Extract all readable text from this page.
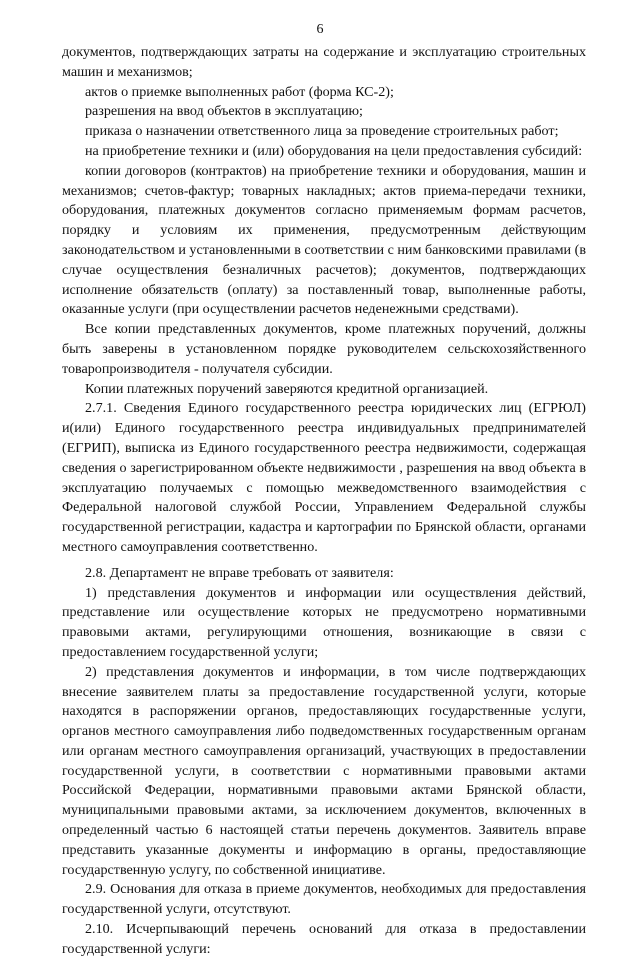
6

документов, подтверждающих затраты на содержание и эксплуатацию строительных машин и механизмов;

актов о приемке выполненных работ (форма КС-2);

разрешения на ввод объектов в эксплуатацию;

приказа о назначении ответственного лица за проведение строительных работ;

на приобретение техники и (или) оборудования на цели предоставления субсидий:

копии договоров (контрактов) на приобретение техники и оборудования, машин и механизмов; счетов-фактур; товарных накладных; актов приема-передачи техники, оборудования, платежных документов согласно применяемым формам расчетов, порядку и условиям их применения, предусмотренным действующим законодательством и установленными в соответствии с ним банковскими правилами (в случае осуществления безналичных расчетов); документов, подтверждающих исполнение обязательств (оплату) за поставленный товар, выполненные работы, оказанные услуги (при осуществлении расчетов неденежными средствами).

Все копии представленных документов, кроме платежных поручений, должны быть заверены в установленном порядке руководителем сельскохозяйственного товаропроизводителя - получателя субсидии.

Копии платежных поручений заверяются кредитной организацией.

2.7.1. Сведения Единого государственного реестра юридических лиц (ЕГРЮЛ) и(или) Единого государственного реестра индивидуальных предпринимателей (ЕГРИП), выписка из Единого государственного реестра недвижимости, содержащая сведения о зарегистрированном объекте недвижимости , разрешения на ввод объекта в эксплуатацию получаемых с помощью межведомственного взаимодействия с Федеральной налоговой службой России, Управлением Федеральной службы государственной регистрации, кадастра и картографии по Брянской области, органами местного самоуправления соответственно.

2.8. Департамент не вправе требовать от заявителя:

1) представления документов и информации или осуществления действий, представление или осуществление которых не предусмотрено нормативными правовыми актами, регулирующими отношения, возникающие в связи с предоставлением государственной услуги;

2) представления документов и информации, в том числе подтверждающих внесение заявителем платы за предоставление государственной услуги, которые находятся в распоряжении органов, предоставляющих государственные услуги, органов местного самоуправления либо подведомственных государственным органам или органам местного самоуправления организаций, участвующих в предоставлении государственной услуги, в соответствии с нормативными правовыми актами Российской Федерации, нормативными правовыми актами Брянской области, муниципальными правовыми актами, за исключением документов, включенных в определенный частью 6 настоящей статьи перечень документов. Заявитель вправе представить указанные документы и информацию в органы, предоставляющие государственную услугу, по собственной инициативе.

2.9. Основания для отказа в приеме документов, необходимых для предоставления государственной услуги, отсутствуют.

2.10. Исчерпывающий перечень оснований для отказа в предоставлении государственной услуги:
